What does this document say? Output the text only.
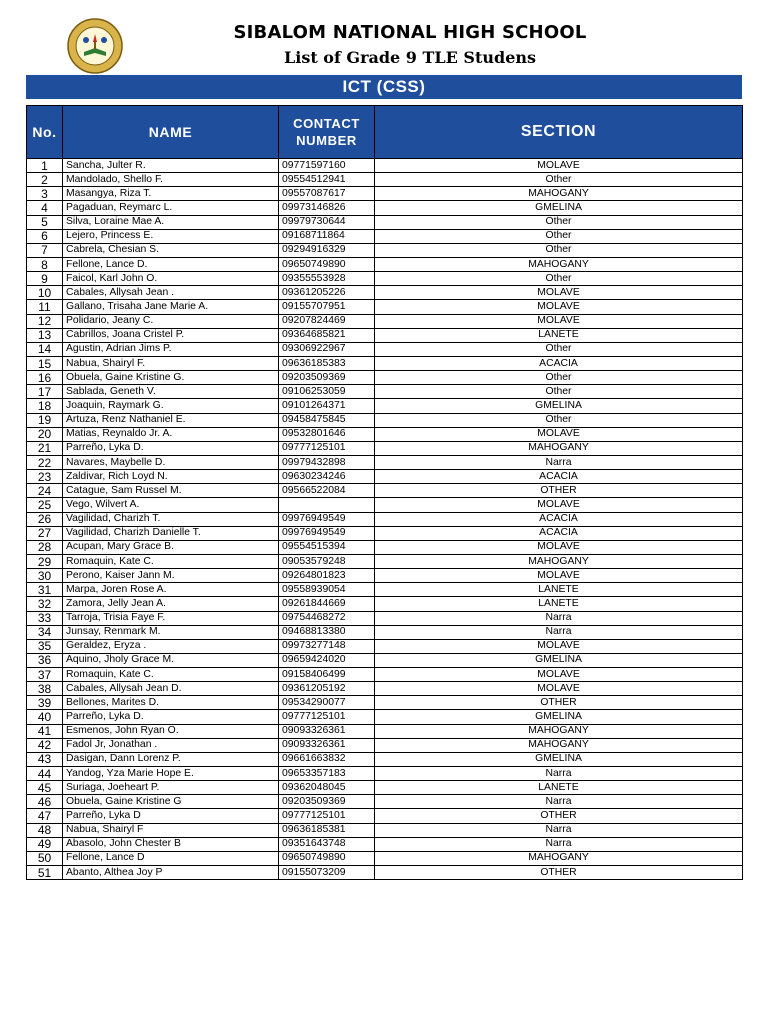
SIBALOM NATIONAL HIGH SCHOOL
List of Grade 9 TLE Studens
ICT (CSS)
No.	NAME	CONTACT NUMBER	SECTION
1	Sancha, Julter R.	09771597160	MOLAVE
2	Mandolado, Shello F.	09554512941	Other
3	Masangya, Riza T.	09557087617	MAHOGANY
4	Pagaduan, Reymarc L.	09973146826	GMELINA
5	Silva, Loraine Mae A.	09979730644	Other
6	Lejero, Princess E.	09168711864	Other
7	Cabrela, Chesian S.	09294916329	Other
8	Fellone, Lance D.	09650749890	MAHOGANY
9	Faicol, Karl John O.	09355553928	Other
10	Cabales, Allysah Jean .	09361205226	MOLAVE
11	Gallano, Trisaha Jane Marie A.	09155707951	MOLAVE
12	Polidario, Jeany C.	09207824469	MOLAVE
13	Cabrillos, Joana Cristel P.	09364685821	LANETE
14	Agustin, Adrian Jims P.	09306922967	Other
15	Nabua, Shairyl F.	09636185383	ACACIA
16	Obuela, Gaine Kristine G.	09203509369	Other
17	Sablada, Geneth V.	09106253059	Other
18	Joaquin, Raymark G.	09101264371	GMELINA
19	Artuza, Renz Nathaniel E.	09458475845	Other
20	Matias, Reynaldo Jr. A.	09532801646	MOLAVE
21	Parreño, Lyka D.	09777125101	MAHOGANY
22	Navares, Maybelle D.	09979432898	Narra
23	Zaldivar, Rich Loyd N.	09630234246	ACACIA
24	Catague, Sam Russel M.	09566522084	OTHER
25	Vego, Wilvert A.		MOLAVE
26	Vagilidad, Charizh T.	09976949549	ACACIA
27	Vagilidad, Charizh Danielle T.	09976949549	ACACIA
28	Acupan, Mary Grace B.	09554515394	MOLAVE
29	Romaquin, Kate C.	09053579248	MAHOGANY
30	Perono, Kaiser Jann M.	09264801823	MOLAVE
31	Marpa, Joren Rose A.	09558939054	LANETE
32	Zamora, Jelly Jean A.	09261844669	LANETE
33	Tarroja, Trisia Faye F.	09754468272	Narra
34	Junsay, Renmark M.	09468813380	Narra
35	Geraldez, Eryza .	09973277148	MOLAVE
36	Aquino, Jholy Grace M.	09659424020	GMELINA
37	Romaquin, Kate C.	09158406499	MOLAVE
38	Cabales, Allysah Jean D.	09361205192	MOLAVE
39	Bellones, Marites D.	09534290077	OTHER
40	Parreño, Lyka D.	09777125101	GMELINA
41	Esmenos, John Ryan O.	09093326361	MAHOGANY
42	Fadol Jr, Jonathan .	09093326361	MAHOGANY
43	Dasigan, Dann Lorenz P.	09661663832	GMELINA
44	Yandog, Yza Marie Hope E.	09653357183	Narra
45	Suriaga, Joeheart P.	09362048045	LANETE
46	Obuela, Gaine Kristine G	09203509369	Narra
47	Parreño, Lyka D	09777125101	OTHER
48	Nabua, Shairyl F	09636185381	Narra
49	Abasolo, John Chester B	09351643748	Narra
50	Fellone, Lance D	09650749890	MAHOGANY
51	Abanto, Althea Joy P	09155073209	OTHER
